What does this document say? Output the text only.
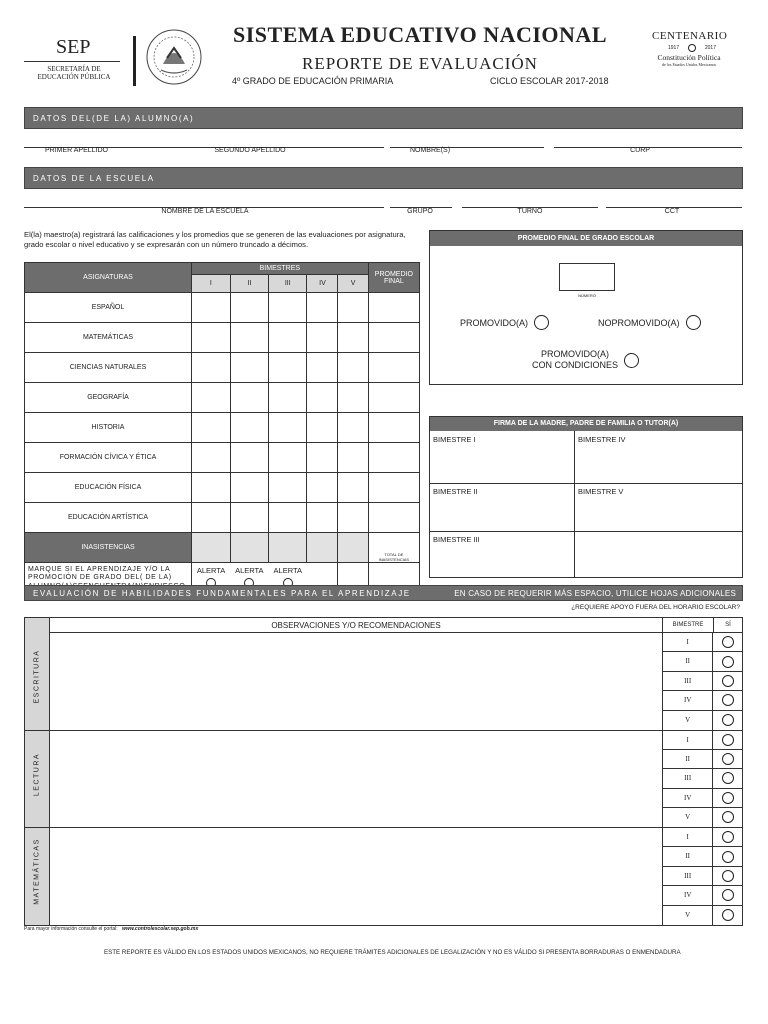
SEP
SECRETARÍA DE
EDUCACIÓN PÚBLICA
SISTEMA EDUCATIVO NACIONAL
REPORTE DE EVALUACIÓN
4º GRADO DE EDUCACIÓN PRIMARIA	CICLO ESCOLAR 2017-2018
CENTENARIO
1917	2017
Constitución Política
de los Estados Unidos Mexicanos
DATOS DEL(DE LA) ALUMNO(A)
PRIMER APELLIDO	SEGUNDO APELLIDO	NOMBRE(S)	CURP
DATOS DE LA ESCUELA
NOMBRE DE LA ESCUELA	GRUPO	TURNO	CCT
El(la) maestro(a) registrará las calificaciones y los promedios que se generen de las evaluaciones por asignatura, grado escolar o nivel educativo y se expresarán con un número truncado a décimos.
ASIGNATURAS	BIMESTRES					PROMEDIO
FINAL

	I	II	III	IV	V	
ESPAÑOL						
MATEMÁTICAS						
CIENCIAS NATURALES						
GEOGRAFÍA						
HISTORIA						
FORMACIÓN CÍVICA Y ÉTICA						
EDUCACIÓN FÍSICA						
EDUCACIÓN ARTÍSTICA						
INASISTENCIAS						TOTAL DE INASISTENCIAS
MARQUE SI EL APRENDIZAJE Y/O LA PROMOCIÓN DE GRADO DEL( DE LA)	ALERTA	ALERTA	ALERTA			

PROMEDIO FINAL DE GRADO ESCOLAR
NÚMERO
PROMOVIDO(A)	NOPROMOVIDO(A)
PROMOVIDO(A)
CON CONDICIONES
FIRMA DE LA MADRE, PADRE DE FAMILIA O TUTOR(A)
BIMESTRE I	BIMESTRE IV
BIMESTRE II	BIMESTRE V
BIMESTRE III
EVALUACIÓN DE HABILIDADES FUNDAMENTALES PARA EL APRENDIZAJE	EN CASO DE REQUERIR MÁS ESPACIO, UTILICE HOJAS ADICIONALES
¿REQUIERE APOYO FUERA DEL HORARIO ESCOLAR?
OBSERVACIONES Y/O RECOMENDACIONES	BIMESTRE	SÍ
ESCRITURA
I
II
III
IV
V
LECTURA
I
II
III
IV
V
MATEMÁTICAS
I
II
III
IV
V
Para mayor información consulte el portal: www.controlescolar.sep.gob.mx
ESTE REPORTE ES VÁLIDO EN LOS ESTADOS UNIDOS MEXICANOS, NO REQUIERE TRÁMITES ADICIONALES DE LEGALIZACIÓN Y NO ES VÁLIDO SI PRESENTA BORRADURAS O ENMENDADURA
